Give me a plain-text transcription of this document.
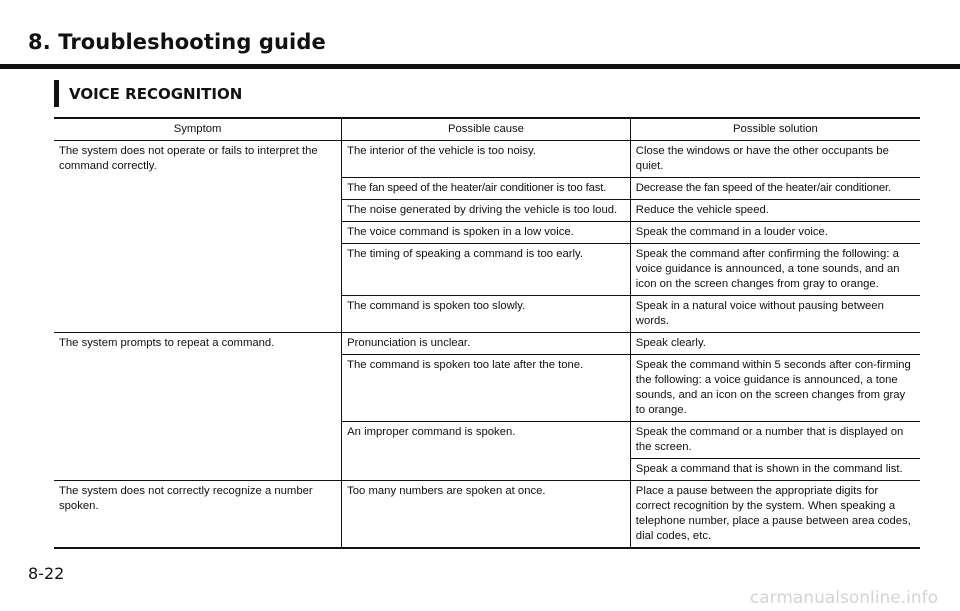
8. Troubleshooting guide
VOICE RECOGNITION
Symptom	Possible cause	Possible solution
The system does not operate or fails to interpret the command correctly.	The interior of the vehicle is too noisy.	Close the windows or have the other occupants be quiet.
	The fan speed of the heater/air conditioner is too fast.	Decrease the fan speed of the heater/air conditioner.
	The noise generated by driving the vehicle is too loud.	Reduce the vehicle speed.
	The voice command is spoken in a low voice.	Speak the command in a louder voice.
	The timing of speaking a command is too early.	Speak the command after confirming the following: a voice guidance is announced, a tone sounds, and an icon on the screen changes from gray to orange.
	The command is spoken too slowly.	Speak in a natural voice without pausing between words.
The system prompts to repeat a command.	Pronunciation is unclear.	Speak clearly.
	The command is spoken too late after the tone.	Speak the command within 5 seconds after con-firming the following: a voice guidance is announced, a tone sounds, and an icon on the screen changes from gray to orange.
	An improper command is spoken.	Speak the command or a number that is displayed on the screen.
		Speak a command that is shown in the command list.
The system does not correctly recognize a number spoken.	Too many numbers are spoken at once.	Place a pause between the appropriate digits for correct recognition by the system. When speaking a telephone number, place a pause between area codes, dial codes, etc.
8-22
carmanualsonline.info
